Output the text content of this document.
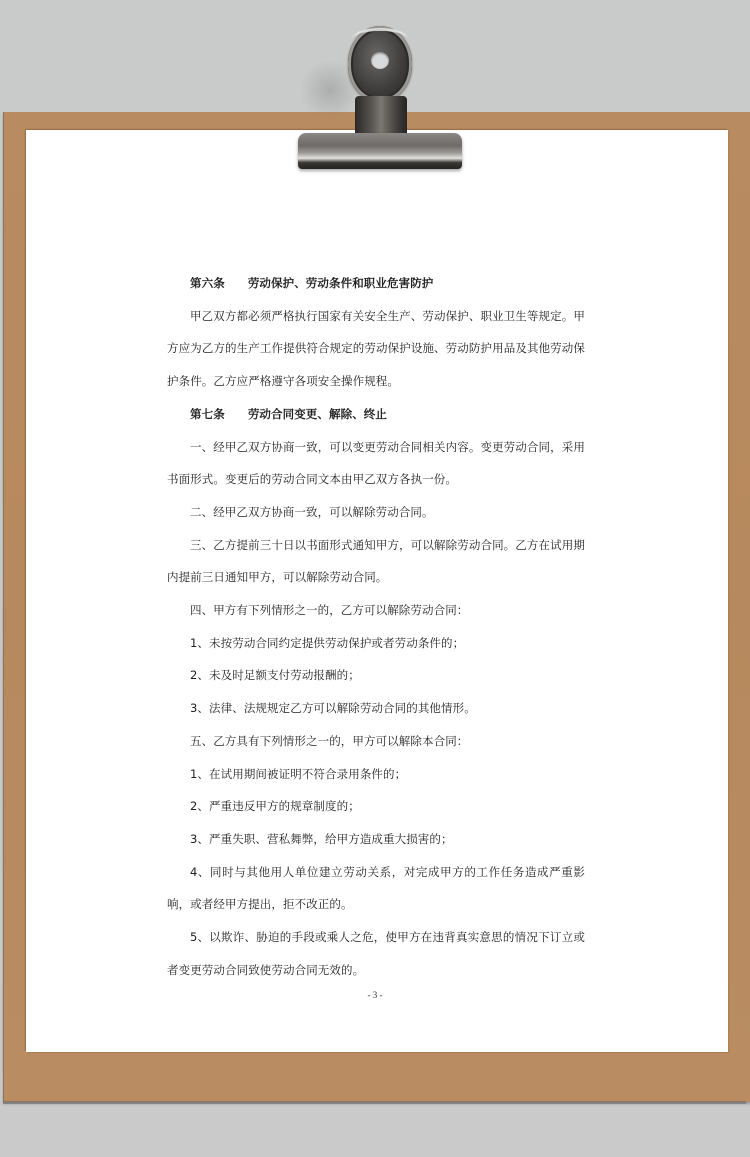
第六条 劳动保护、劳动条件和职业危害防护

甲乙双方都必须严格执行国家有关安全生产、劳动保护、职业卫生等规定。甲方应为乙方的生产工作提供符合规定的劳动保护设施、劳动防护用品及其他劳动保护条件。乙方应严格遵守各项安全操作规程。

第七条 劳动合同变更、解除、终止

一、经甲乙双方协商一致，可以变更劳动合同相关内容。变更劳动合同，采用书面形式。变更后的劳动合同文本由甲乙双方各执一份。

二、经甲乙双方协商一致，可以解除劳动合同。

三、乙方提前三十日以书面形式通知甲方，可以解除劳动合同。乙方在试用期内提前三日通知甲方，可以解除劳动合同。

四、甲方有下列情形之一的，乙方可以解除劳动合同：

1、未按劳动合同约定提供劳动保护或者劳动条件的；

2、未及时足额支付劳动报酬的；

3、法律、法规规定乙方可以解除劳动合同的其他情形。

五、乙方具有下列情形之一的，甲方可以解除本合同：

1、在试用期间被证明不符合录用条件的；

2、严重违反甲方的规章制度的；

3、严重失职、营私舞弊，给甲方造成重大损害的；

4、同时与其他用人单位建立劳动关系，对完成甲方的工作任务造成严重影响，或者经甲方提出，拒不改正的。

5、以欺诈、胁迫的手段或乘人之危，使甲方在违背真实意思的情况下订立或者变更劳动合同致使劳动合同无效的。

- 3 -
